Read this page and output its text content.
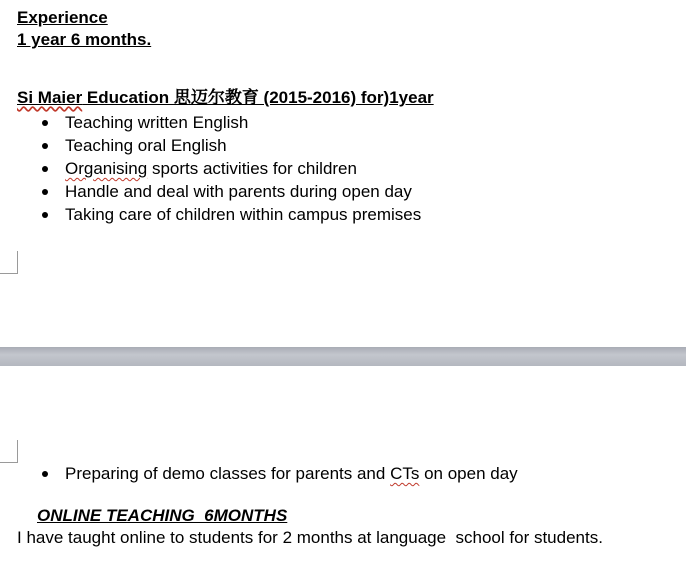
Experience
1 year 6 months.
Si Maier Education 思迈尔教育 (2015-2016) for)1year
Teaching written English
Teaching oral English
Organising sports activities for children
Handle and deal with parents during open day
Taking care of children within campus premises
Preparing of demo classes for parents and CTs on open day
ONLINE TEACHING  6MONTHS
I have taught online to students for 2 months at language  school for students.
